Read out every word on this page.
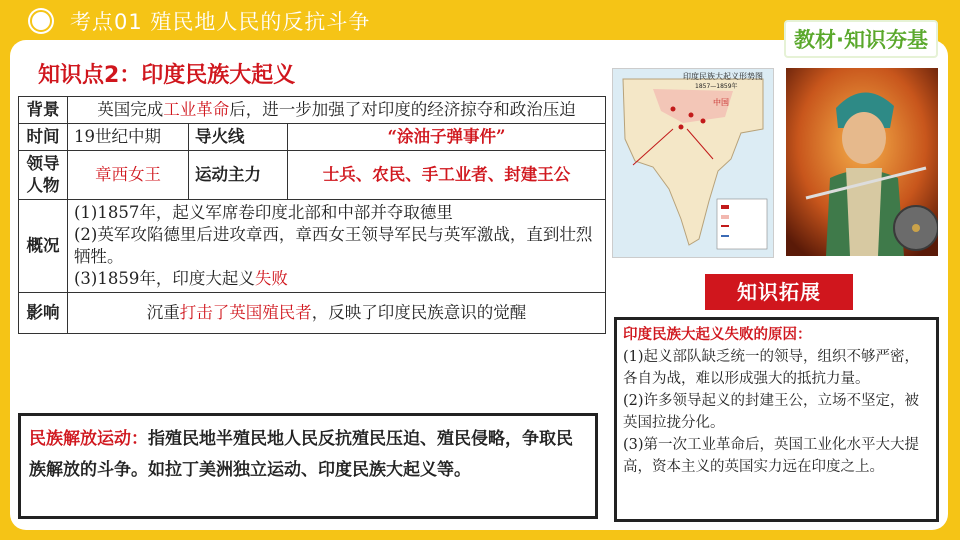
考点01 殖民地人民的反抗斗争
教材·知识夯基
知识点2：印度民族大起义
背景	英国完成工业革命后，进一步加强了对印度的经济掠夺和政治压迫		
时间	19世纪中期	导火线	“涂油子弹事件”
领导人物	章西女王	运动主力	士兵、农民、手工业者、封建王公
概况	(1)1857年，起义军席卷印度北部和中部并夺取德里
(2)英军攻陷德里后进攻章西，章西女王领导军民与英军激战，直到壮烈牺牲。
(3)1859年，印度大起义失败		

影响	沉重打击了英国殖民者，反映了印度民族意识的觉醒		
民族解放运动：指殖民地半殖民地人民反抗殖民压迫、殖民侵略，争取民族解放的斗争。如拉丁美洲独立运动、印度民族大起义等。
印度民族大起义形势图
1857—1859年
中国
知识拓展
印度民族大起义失败的原因：
(1)起义部队缺乏统一的领导，组织不够严密，各自为战，难以形成强大的抵抗力量。
(2)许多领导起义的封建王公，立场不坚定，被英国拉拢分化。
(3)第一次工业革命后，英国工业化水平大大提高，资本主义的英国实力远在印度之上。
